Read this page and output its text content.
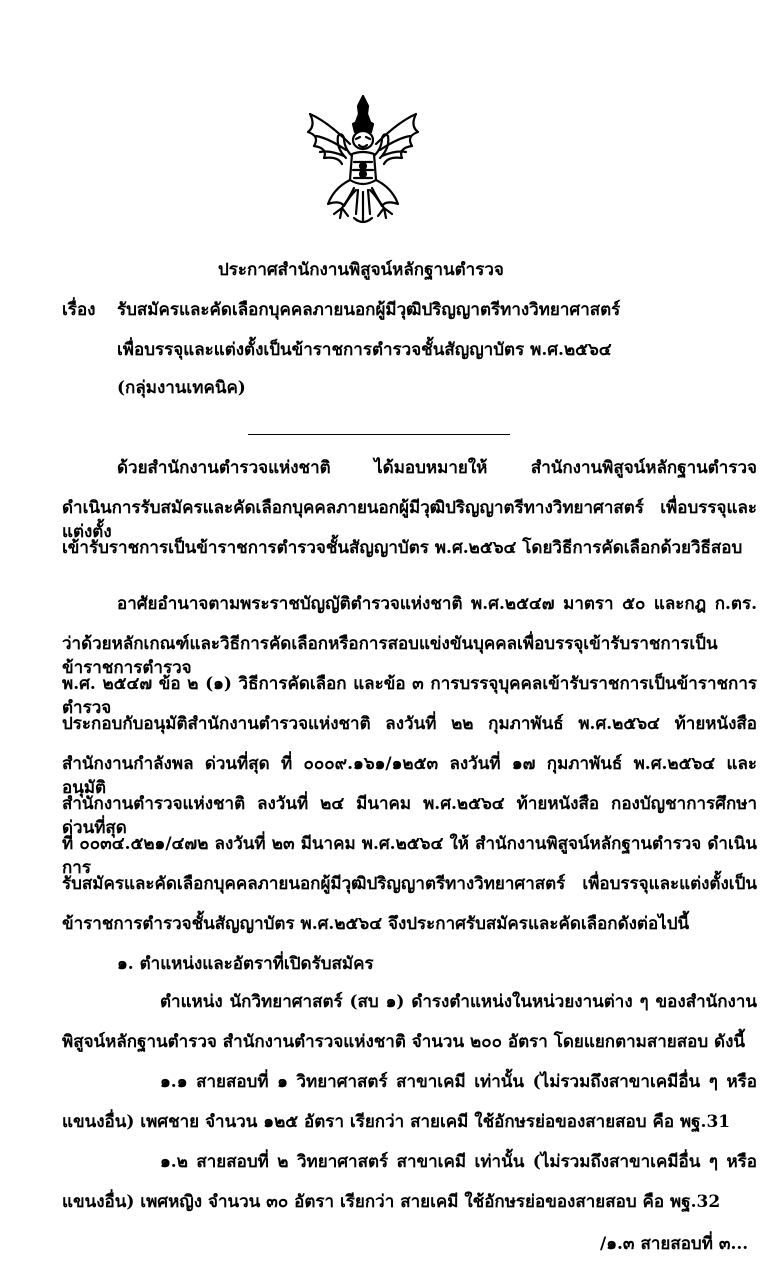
ประกาศสำนักงานพิสูจน์หลักฐานตำรวจ
เรื่อง รับสมัครและคัดเลือกบุคคลภายนอกผู้มีวุฒิปริญญาตรีทางวิทยาศาสตร์
เพื่อบรรจุและแต่งตั้งเป็นข้าราชการตำรวจชั้นสัญญาบัตร พ.ศ.๒๕๖๔
(กลุ่มงานเทคนิค)
ด้วยสำนักงานตำรวจแห่งชาติ ได้มอบหมายให้ สำนักงานพิสูจน์หลักฐานตำรวจ
ดำเนินการรับสมัครและคัดเลือกบุคคลภายนอกผู้มีวุฒิปริญญาตรีทางวิทยาศาสตร์ เพื่อบรรจุและแต่งตั้ง
เข้ารับราชการเป็นข้าราชการตำรวจชั้นสัญญาบัตร พ.ศ.๒๕๖๔ โดยวิธีการคัดเลือกด้วยวิธีสอบ
อาศัยอำนาจตามพระราชบัญญัติตำรวจแห่งชาติ พ.ศ.๒๕๔๗ มาตรา ๕๐ และกฎ ก.ตร.
ว่าด้วยหลักเกณฑ์และวิธีการคัดเลือกหรือการสอบแข่งขันบุคคลเพื่อบรรจุเข้ารับราชการเป็นข้าราชการตำรวจ
พ.ศ. ๒๕๔๗ ข้อ ๒ (๑) วิธีการคัดเลือก และข้อ ๓ การบรรจุบุคคลเข้ารับราชการเป็นข้าราชการตำรวจ
ประกอบกับอนุมัติสำนักงานตำรวจแห่งชาติ ลงวันที่ ๒๒ กุมภาพันธ์ พ.ศ.๒๕๖๔ ท้ายหนังสือ
สำนักงานกำลังพล ด่วนที่สุด ที่ ๐๐๐๙.๑๖๑/๑๒๕๓ ลงวันที่ ๑๗ กุมภาพันธ์ พ.ศ.๒๕๖๔ และอนุมัติ
สำนักงานตำรวจแห่งชาติ ลงวันที่ ๒๔ มีนาคม พ.ศ.๒๕๖๔ ท้ายหนังสือ กองบัญชาการศึกษา ด่วนที่สุด
ที่ ๐๐๓๔.๕๒๑/๔๗๒ ลงวันที่ ๒๓ มีนาคม พ.ศ.๒๕๖๔ ให้ สำนักงานพิสูจน์หลักฐานตำรวจ ดำเนินการ
รับสมัครและคัดเลือกบุคคลภายนอกผู้มีวุฒิปริญญาตรีทางวิทยาศาสตร์ เพื่อบรรจุและแต่งตั้งเป็น
ข้าราชการตำรวจชั้นสัญญาบัตร พ.ศ.๒๕๖๔ จึงประกาศรับสมัครและคัดเลือกดังต่อไปนี้
๑. ตำแหน่งและอัตราที่เปิดรับสมัคร
ตำแหน่ง นักวิทยาศาสตร์ (สบ ๑) ดำรงตำแหน่งในหน่วยงานต่าง ๆ ของสำนักงาน
พิสูจน์หลักฐานตำรวจ สำนักงานตำรวจแห่งชาติ จำนวน ๒๐๐ อัตรา โดยแยกตามสายสอบ ดังนี้
๑.๑ สายสอบที่ ๑ วิทยาศาสตร์ สาขาเคมี เท่านั้น (ไม่รวมถึงสาขาเคมีอื่น ๆ หรือ
แขนงอื่น) เพศชาย จำนวน ๑๒๕ อัตรา เรียกว่า สายเคมี ใช้อักษรย่อของสายสอบ คือ พฐ.31
๑.๒ สายสอบที่ ๒ วิทยาศาสตร์ สาขาเคมี เท่านั้น (ไม่รวมถึงสาขาเคมีอื่น ๆ หรือ
แขนงอื่น) เพศหญิง จำนวน ๓๐ อัตรา เรียกว่า สายเคมี ใช้อักษรย่อของสายสอบ คือ พฐ.32
/๑.๓ สายสอบที่ ๓...
